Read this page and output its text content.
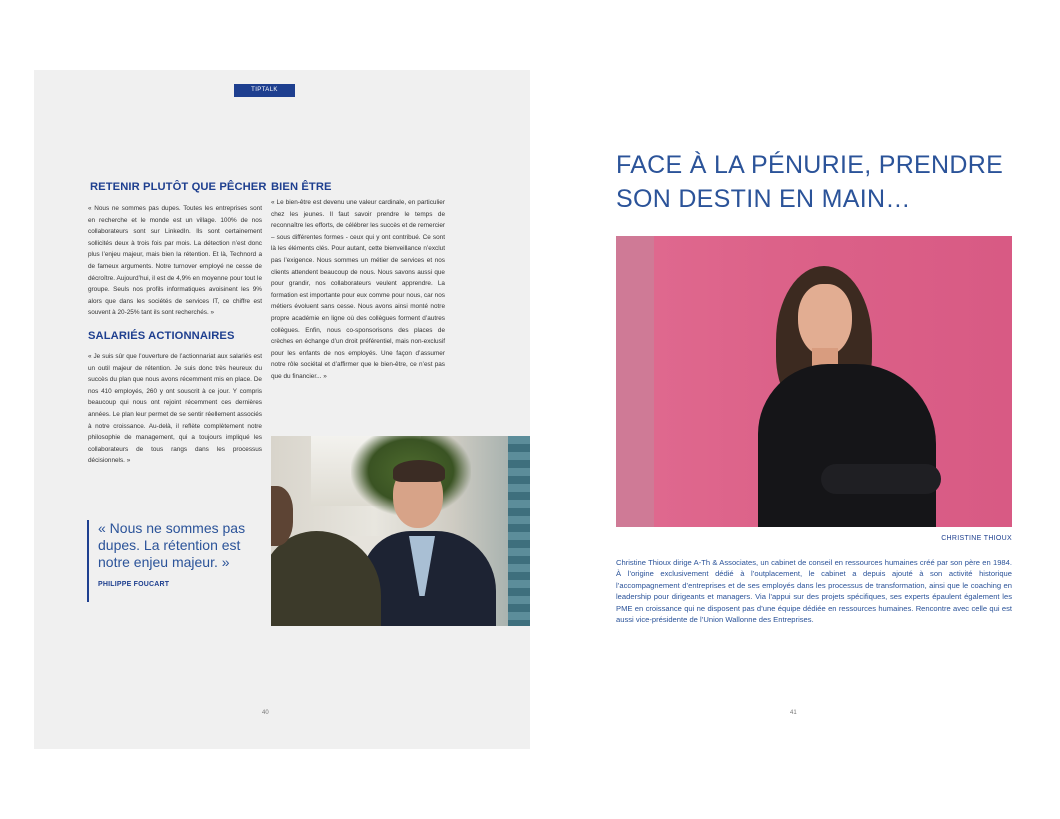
TIPTALK
RETENIR PLUTÔT QUE PÊCHER

« Nous ne sommes pas dupes. Toutes les entreprises sont en recherche et le monde est un village. 100% de nos collaborateurs sont sur LinkedIn. Ils sont certainement sollicités deux à trois fois par mois. La détection n’est donc plus l’enjeu majeur, mais bien la rétention. Et là, Technord a de fameux arguments. Notre turnover employé ne cesse de décroître. Aujourd’hui, il est de 4,9% en moyenne pour tout le groupe. Seuls nos profils informatiques avoisinent les 9% alors que dans les sociétés de services IT, ce chiffre est souvent à 20-25% tant ils sont recherchés. »

SALARIÉS ACTIONNAIRES

« Je suis sûr que l’ouverture de l’actionnariat aux salariés est un outil majeur de rétention. Je suis donc très heureux du succès du plan que nous avons récemment mis en place. De nos 410 employés, 260 y ont souscrit à ce jour. Y compris beaucoup qui nous ont rejoint récemment ces dernières années. Le plan leur permet de se sentir réellement associés à notre croissance. Au-delà, il reflète complètement notre philosophie de management, qui a toujours impliqué les collaborateurs de tous rangs dans les processus décisionnels. »

BIEN ÊTRE

« Le bien-être est devenu une valeur cardinale, en particulier chez les jeunes. Il faut savoir prendre le temps de reconnaître les efforts, de célébrer les succès et de remercier – sous différentes formes - ceux qui y ont contribué. Ce sont là les éléments clés. Pour autant, cette bienveillance n’exclut pas l’exigence. Nous sommes un métier de services et nos clients attendent beaucoup de nous. Nous savons aussi que pour grandir, nos collaborateurs veulent apprendre. La formation est importante pour eux comme pour nous, car nos métiers évoluent sans cesse. Nous avons ainsi monté notre propre académie en ligne où des collègues forment d’autres collègues. Enfin, nous co-sponsorisons des places de crèches en échange d’un droit préférentiel, mais non-exclusif pour les enfants de nos employés. Une façon d’assumer notre rôle sociétal et d’affirmer que le bien-être, ce n’est pas que du financier... »

« Nous ne sommes pas dupes. La rétention est notre enjeu majeur. »

PHILIPPE FOUCART
40
FACE À LA PÉNURIE, PRENDRE SON DESTIN EN MAIN…
CHRISTINE THIOUX

Christine Thioux dirige A-Th & Associates, un cabinet de conseil en ressources humaines créé par son père en 1984. À l’origine exclusivement dédié à l’outplacement, le cabinet a depuis ajouté à son activité historique l’accompagnement d’entreprises et de ses employés dans les processus de transformation, ainsi que le coaching en leadership pour dirigeants et managers. Via l’appui sur des projets spécifiques, ses experts épaulent également les PME en croissance qui ne disposent pas d’une équipe dédiée en ressources humaines. Rencontre avec celle qui est aussi vice-présidente de l’Union Wallonne des Entreprises.

41
